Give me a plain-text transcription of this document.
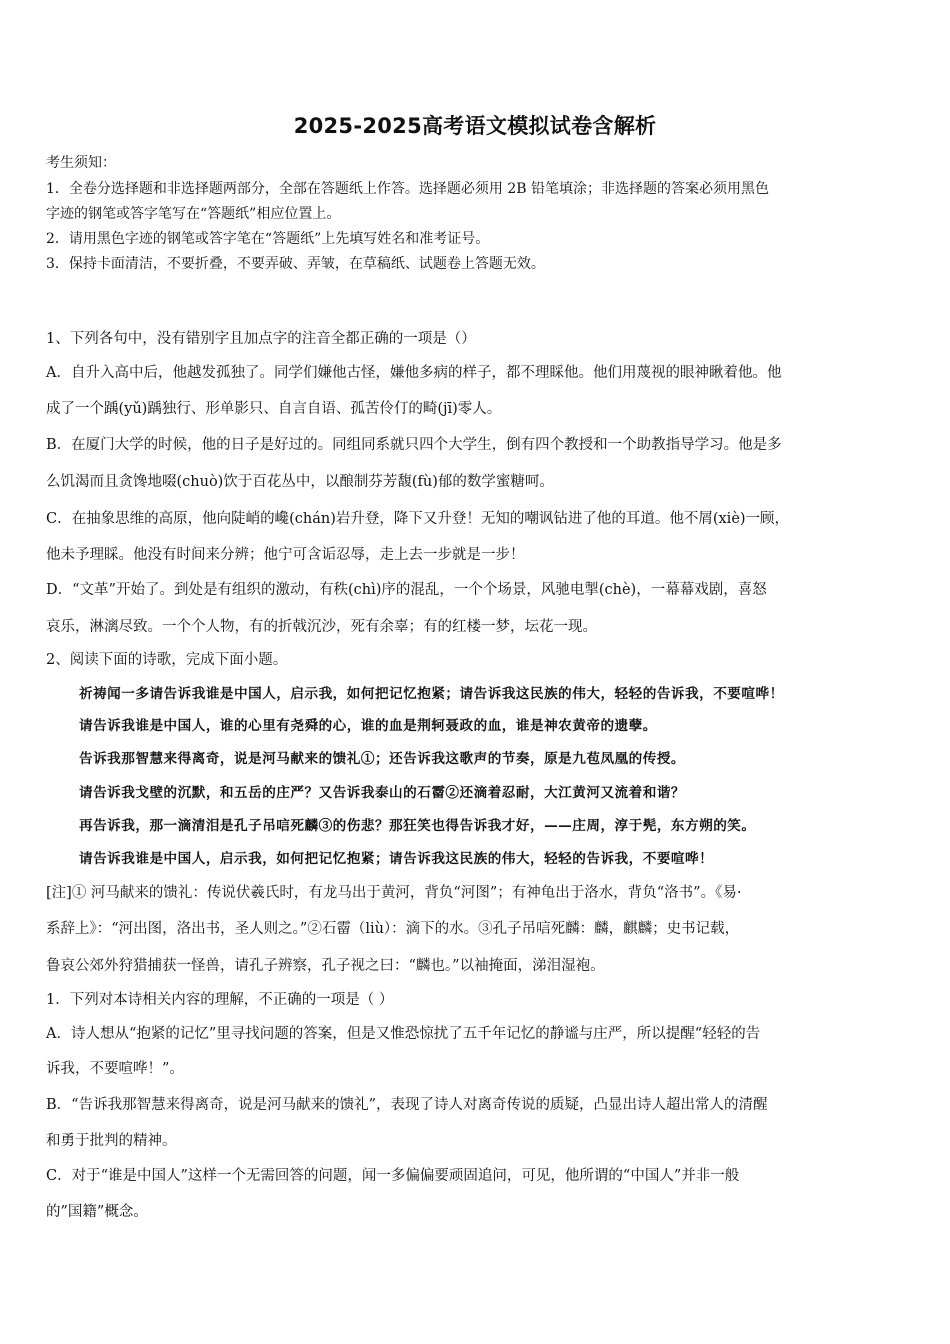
2025-2025高考语文模拟试卷含解析
考生须知：
1．全卷分选择题和非选择题两部分，全部在答题纸上作答。选择题必须用 2B 铅笔填涂；非选择题的答案必须用黑色
字迹的钢笔或答字笔写在“答题纸”相应位置上。
2．请用黑色字迹的钢笔或答字笔在“答题纸”上先填写姓名和准考证号。
3．保持卡面清洁，不要折叠，不要弄破、弄皱，在草稿纸、试题卷上答题无效。
1、下列各句中，没有错别字且加点字的注音全都正确的一项是（）
A．自升入高中后，他越发孤独了。同学们嫌他古怪，嫌他多病的样子，都不理睬他。他们用蔑视的眼神瞅着他。他
成了一个踽(yǔ)踽独行、形单影只、自言自语、孤苦伶仃的畸(jī)零人。
B．在厦门大学的时候，他的日子是好过的。同组同系就只四个大学生，倒有四个教授和一个助教指导学习。他是多
么饥渴而且贪馋地啜(chuò)饮于百花丛中，以酿制芬芳馥(fù)郁的数学蜜糖呵。
C．在抽象思维的高原，他向陡峭的巉(chán)岩升登，降下又升登！无知的嘲讽钻进了他的耳道。他不屑(xiè)一顾，
他未予理睬。他没有时间来分辨；他宁可含诟忍辱，走上去一步就是一步！
D．“文革”开始了。到处是有组织的激动，有秩(chì)序的混乱，一个个场景，风驰电掣(chè)，一幕幕戏剧，喜怒
哀乐，淋漓尽致。一个个人物，有的折戟沉沙，死有余辜；有的红楼一梦，坛花一现。
2、阅读下面的诗歌，完成下面小题。
祈祷闻一多请告诉我谁是中国人，启示我，如何把记忆抱紧；请告诉我这民族的伟大，轻轻的告诉我，不要喧哗！
请告诉我谁是中国人，谁的心里有尧舜的心，谁的血是荆轲聂政的血，谁是神农黄帝的遗孽。
告诉我那智慧来得离奇，说是河马献来的馈礼①；还告诉我这歌声的节奏，原是九苞凤凰的传授。
请告诉我戈壁的沉默，和五岳的庄严？又告诉我泰山的石霤②还滴着忍耐，大江黄河又流着和谐？
再告诉我，那一滴清泪是孔子吊唁死麟③的伤悲？那狂笑也得告诉我才好，——庄周，淳于髡，东方朔的笑。
请告诉我谁是中国人，启示我，如何把记忆抱紧；请告诉我这民族的伟大，轻轻的告诉我，不要喧哗！
[注]① 河马献来的馈礼：传说伏羲氏时，有龙马出于黄河，背负“河图”；有神龟出于洛水，背负“洛书”。《易·
系辞上》：“河出图，洛出书，圣人则之。”②石霤（liù）：滴下的水。③孔子吊唁死麟：麟，麒麟；史书记载，
鲁哀公郊外狩猎捕获一怪兽，请孔子辨察，孔子视之曰：“麟也。”以袖掩面，涕泪湿袍。
1．下列对本诗相关内容的理解，不正确的一项是（ ）
A．诗人想从“抱紧的记忆”里寻找问题的答案，但是又惟恐惊扰了五千年记忆的静谧与庄严，所以提醒“轻轻的告
诉我，不要喧哗！”。
B．“告诉我那智慧来得离奇，说是河马献来的馈礼”，表现了诗人对离奇传说的质疑，凸显出诗人超出常人的清醒
和勇于批判的精神。
C．对于“谁是中国人”这样一个无需回答的问题，闻一多偏偏要顽固追问，可见，他所谓的“中国人”并非一般
的”国籍”概念。
